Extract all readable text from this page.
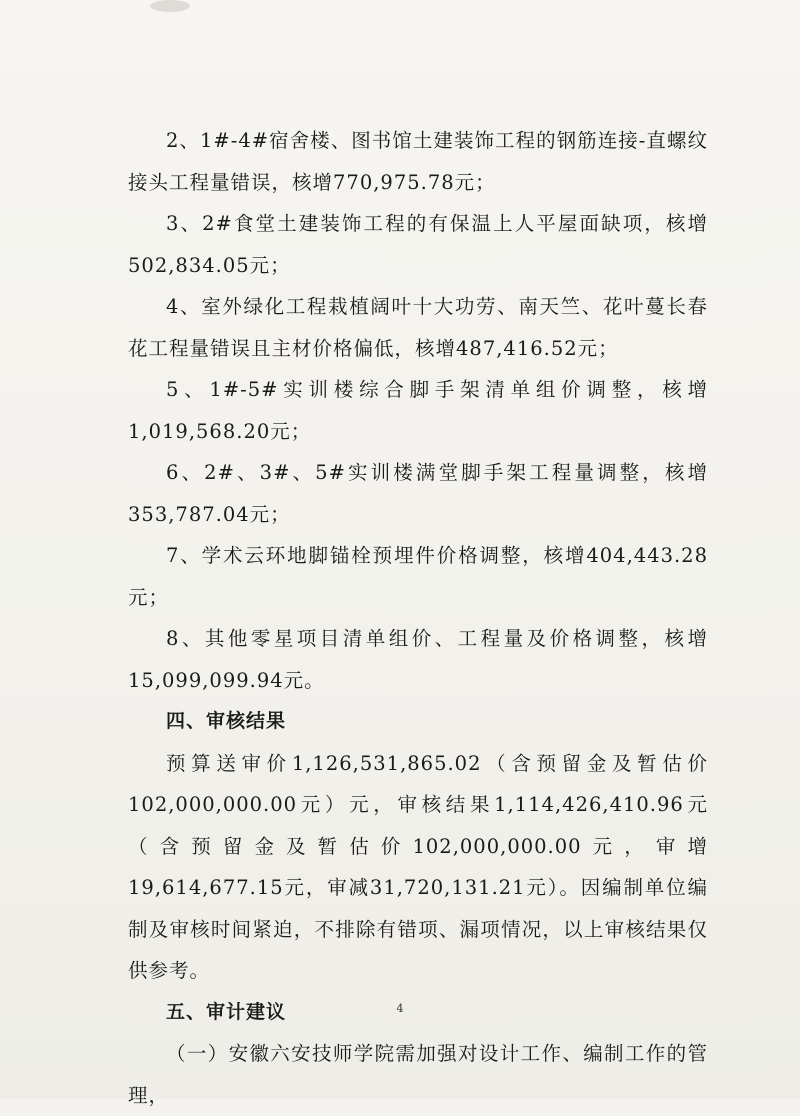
2、1#-4#宿舍楼、图书馆土建装饰工程的钢筋连接-直螺纹接头工程量错误，核增770,975.78元；

3、2#食堂土建装饰工程的有保温上人平屋面缺项，核增502,834.05元；

4、室外绿化工程栽植阔叶十大功劳、南天竺、花叶蔓长春花工程量错误且主材价格偏低，核增487,416.52元；

5、1#-5#实训楼综合脚手架清单组价调整，核增1,019,568.20元；

6、2#、3#、5#实训楼满堂脚手架工程量调整，核增353,787.04元；

7、学术云环地脚锚栓预埋件价格调整，核增404,443.28元；

8、其他零星项目清单组价、工程量及价格调整，核增15,099,099.94元。

四、审核结果

预算送审价1,126,531,865.02（含预留金及暂估价102,000,000.00元）元，审核结果1,114,426,410.96元（含预留金及暂估价102,000,000.00元，审增19,614,677.15元，审减31,720,131.21元）。因编制单位编制及审核时间紧迫，不排除有错项、漏项情况，以上审核结果仅供参考。

五、审计建议

（一）安徽六安技师学院需加强对设计工作、编制工作的管理，

4
